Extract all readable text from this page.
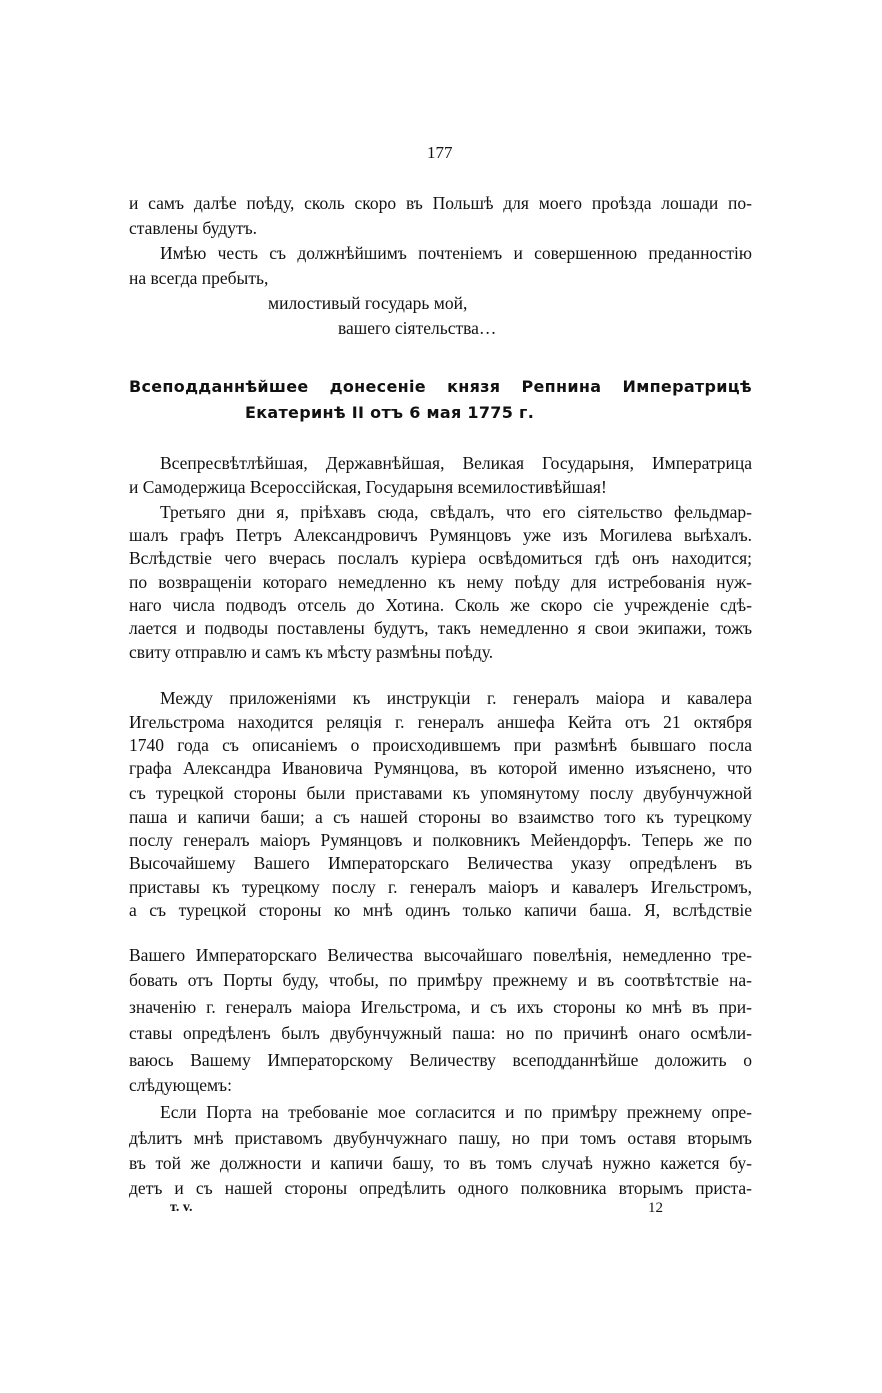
177
и самъ далѣе поѣду, сколь скоро въ Польшѣ для моего проѣзда лошади по-
ставлены будутъ.
Имѣю честь съ должнѣйшимъ почтеніемъ и совершенною преданностію
на всегда пребыть,
милостивый государь мой,
вашего сіятельства…
Всеподданнѣйшее донесеніе князя Репнина Императрицѣ
Екатеринѣ II отъ 6 мая 1775 г.
Всепресвѣтлѣйшая, Державнѣйшая, Великая Государыня, Императрица
и Самодержица Всероссійская, Государыня всемилостивѣйшая!
Третьяго дни я, пріѣхавъ сюда, свѣдалъ, что его сіятельство фельдмар-
шалъ графъ Петръ Александровичъ Румянцовъ уже изъ Могилева выѣхалъ.
Вслѣдствіе чего вчерась послалъ куріера освѣдомиться гдѣ онъ находится;
по возвращеніи котораго немедленно къ нему поѣду для истребованія нуж-
наго числа подводъ отсель до Хотина. Сколь же скоро сіе учрежденіе сдѣ-
лается и подводы поставлены будутъ, такъ немедленно я свои экипажи, тожъ
свиту отправлю и самъ къ мѣсту размѣны поѣду.
Между приложеніями къ инструкціи г. генералъ маіора и кавалера
Игельстрома находится реляція г. генералъ аншефа Кейта отъ 21 октября
1740 года съ описаніемъ о происходившемъ при размѣнѣ бывшаго посла
графа Александра Ивановича Румянцова, въ которой именно изъяснено, что
съ турецкой стороны были приставами къ упомянутому послу двубунчужной
паша и капичи баши; а съ нашей стороны во взаимство того къ турецкому
послу генералъ маіоръ Румянцовъ и полковникъ Мейендорфъ. Теперь же по
Высочайшему Вашего Императорскаго Величества указу опредѣленъ въ
приставы къ турецкому послу г. генералъ маіоръ и кавалеръ Игельстромъ,
а съ турецкой стороны ко мнѣ одинъ только капичи баша. Я, вслѣдствіе
Вашего Императорскаго Величества высочайшаго повелѣнія, немедленно тре-
бовать отъ Порты буду, чтобы, по примѣру прежнему и въ соотвѣтствіе на-
значенію г. генералъ маіора Игельстрома, и съ ихъ стороны ко мнѣ въ при-
ставы опредѣленъ былъ двубунчужный паша: но по причинѣ онаго осмѣли-
ваюсь Вашему Императорскому Величеству всеподданнѣйше доложить о
слѣдующемъ:
Если Порта на требованіе мое согласится и по примѣру прежнему опре-
дѣлитъ мнѣ приставомъ двубунчужнаго пашу, но при томъ оставя вторымъ
въ той же должности и капичи башу, то въ томъ случаѣ нужно кажется бу-
детъ и съ нашей стороны опредѣлить одного полковника вторымъ приста-
т. v.	12
